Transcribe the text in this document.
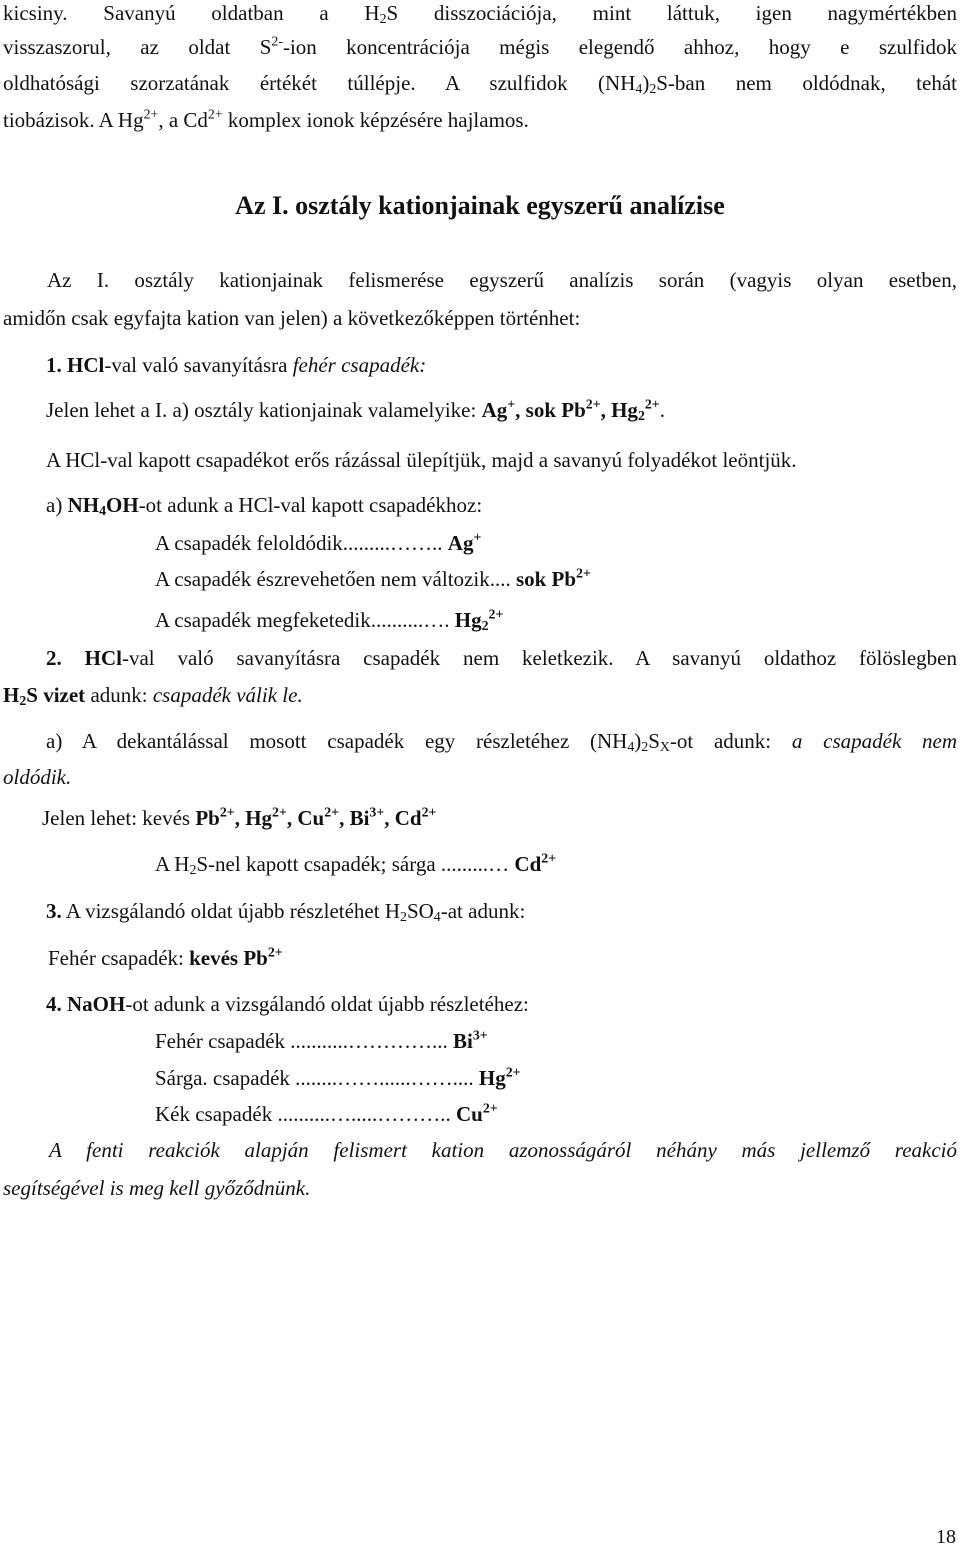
kicsiny. Savanyú oldatban a $H_2S$ disszociációja, mint láttuk, igen nagymértékben
visszaszorul, az oldat $S^{2-}$-ion koncentrációja mégis elegendő ahhoz, hogy e szulfidok
oldhatósági szorzatának értékét túllépje. A szulfidok $(NH_4)_2S$-ban nem oldódnak, tehát
tiobázisok. A $Hg^{2+}$, a $Cd^{2+}$ komplex ionok képzésére hajlamos.
Az I. osztály kationjainak egyszerű analízise
Az I. osztály kationjainak felismerése egyszerű analízis során (vagyis olyan esetben,
amidőn csak egyfajta kation van jelen) a következőképpen történhet:
1. HCl-val való savanyításra fehér csapadék:
Jelen lehet a I. a) osztály kationjainak valamelyike: Ag+, sok $Pb^{2+}$, $Hg_2^{2+}$.
A HCl-val kapott csapadékot erős rázással ülepítjük, majd a savanyú folyadékot leöntjük.
a) $NH_4OH-ot$ adunk a HCl-val kapott csapadékhoz:
A csapadék feloldódik.........…….. Ag+
A csapadék észrevehetően nem változik.... sok $Pb^{2+}$
A csapadék megfeketedik..........…. $Hg_2^{2+}$
2. HCl-val való savanyításra csapadék nem keletkezik. A savanyú oldathoz fölöslegben
$H_2S$ vizet adunk: csapadék válik le.
a) A dekantálással mosott csapadék egy részletéhez $(NH_4)_2S_X-ot$ adunk: a csapadék nem
oldódik.
Jelen lehet: kevés $Pb^{2+}$, $Hg^{2+}$, $Cu^{2+}$, $Bi^{3+}$, $Cd^{2+}$
A $H_2S$-nel kapott csapadék; sárga .........… $Cd^{2+}$
3. A vizsgálandó oldat újabb részletéhet $H_2SO_4-at$ adunk:
Fehér csapadék: kevés $Pb^{2+}$
4. NaOH-ot adunk a vizsgálandó oldat újabb részletéhez:
Fehér csapadék ...........…………... $Bi^{3+}$
Sárga. csapadék ........……......…….... $Hg^{2+}$
Kék csapadék ..........….....……….. $Cu^{2+}$
A fenti reakciók alapján felismert kation azonosságáról néhány más jellemző reakció
segítségével is meg kell győződnünk.
18
